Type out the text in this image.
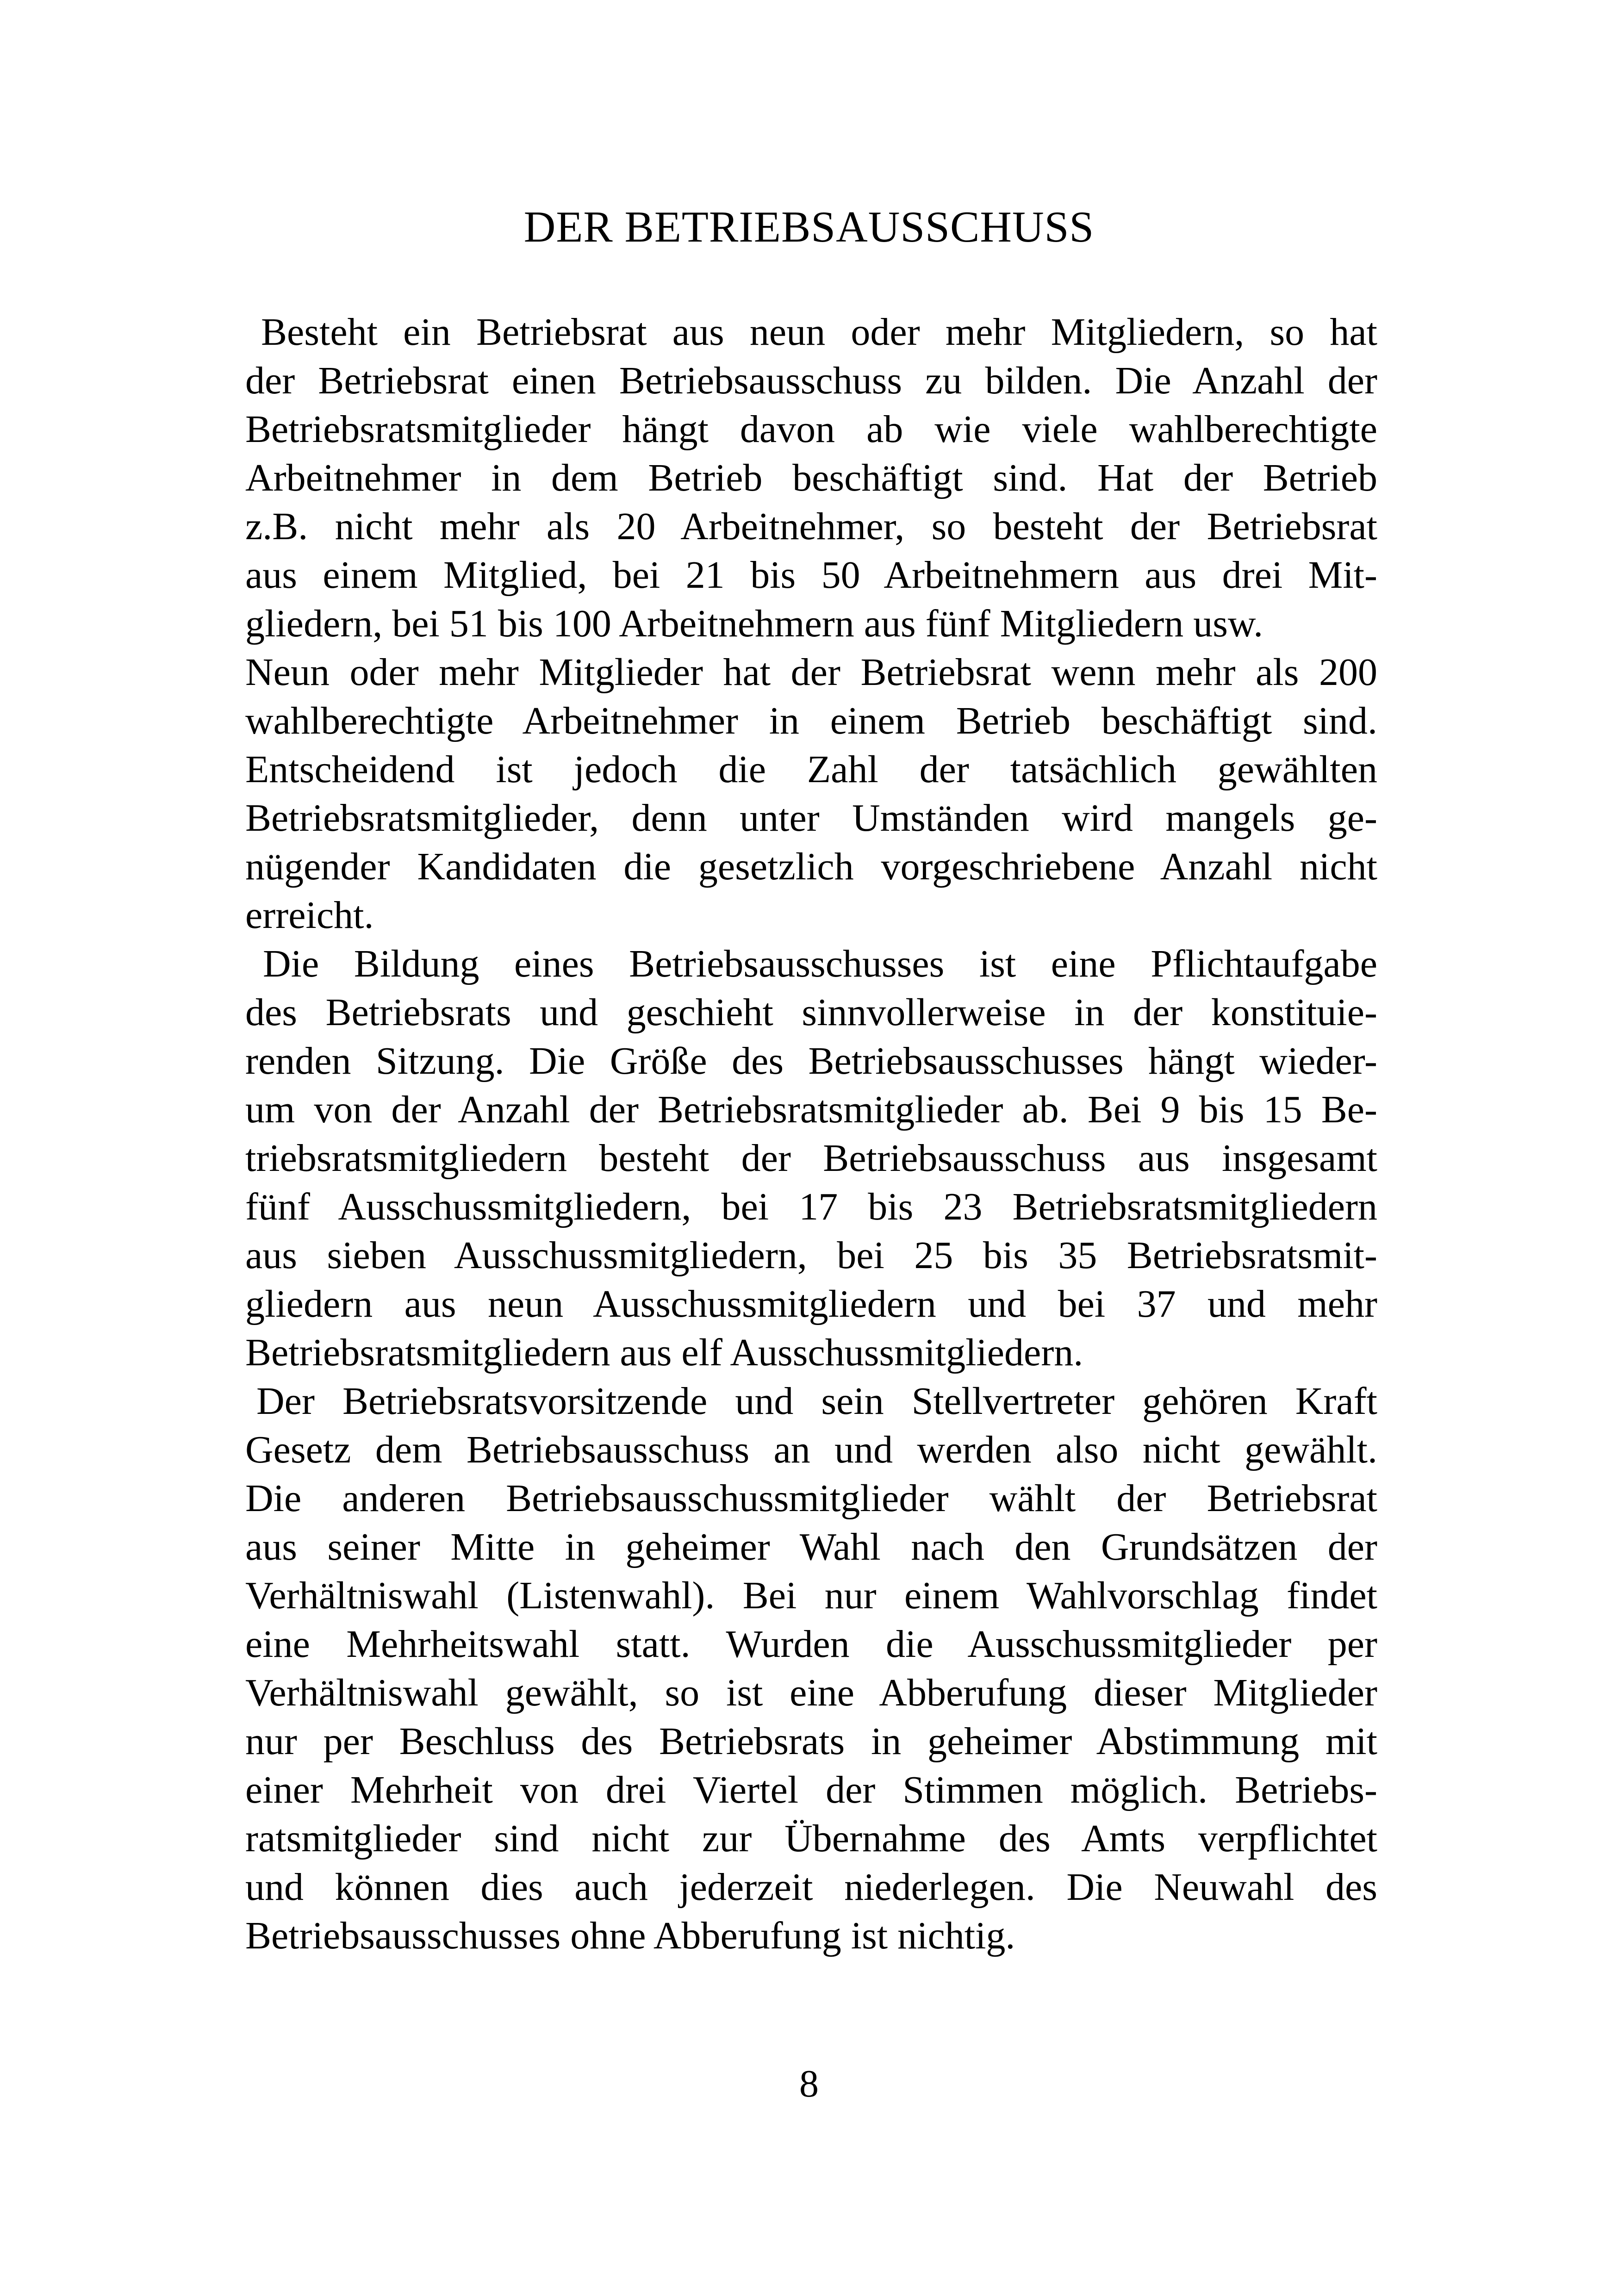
DER BETRIEBSAUSSCHUSS
Besteht ein Betriebsrat aus neun oder mehr Mitgliedern, so hat
der Betriebsrat einen Betriebsausschuss zu bilden. Die Anzahl der
Betriebsratsmitglieder hängt davon ab wie viele wahlberechtigte
Arbeitnehmer in dem Betrieb beschäftigt sind. Hat der Betrieb
z.B. nicht mehr als 20 Arbeitnehmer, so besteht der Betriebsrat
aus einem Mitglied, bei 21 bis 50 Arbeitnehmern aus drei Mit-
gliedern, bei 51 bis 100 Arbeitnehmern aus fünf Mitgliedern usw.
Neun oder mehr Mitglieder hat der Betriebsrat wenn mehr als 200
wahlberechtigte Arbeitnehmer in einem Betrieb beschäftigt sind.
Entscheidend ist jedoch die Zahl der tatsächlich gewählten
Betriebsratsmitglieder, denn unter Umständen wird mangels ge-
nügender Kandidaten die gesetzlich vorgeschriebene Anzahl nicht
erreicht.
Die Bildung eines Betriebsausschusses ist eine Pflichtaufgabe
des Betriebsrats und geschieht sinnvollerweise in der konstituie-
renden Sitzung. Die Größe des Betriebsausschusses hängt wieder-
um von der Anzahl der Betriebsratsmitglieder ab. Bei 9 bis 15 Be-
triebsratsmitgliedern besteht der Betriebsausschuss aus insgesamt
fünf Ausschussmitgliedern, bei 17 bis 23 Betriebsratsmitgliedern
aus sieben Ausschussmitgliedern, bei 25 bis 35 Betriebsratsmit-
gliedern aus neun Ausschussmitgliedern und bei 37 und mehr
Betriebsratsmitgliedern aus elf Ausschussmitgliedern.
Der Betriebsratsvorsitzende und sein Stellvertreter gehören Kraft
Gesetz dem Betriebsausschuss an und werden also nicht gewählt.
Die anderen Betriebsausschussmitglieder wählt der Betriebsrat
aus seiner Mitte in geheimer Wahl nach den Grundsätzen der
Verhältniswahl (Listenwahl). Bei nur einem Wahlvorschlag findet
eine Mehrheitswahl statt. Wurden die Ausschussmitglieder per
Verhältniswahl gewählt, so ist eine Abberufung dieser Mitglieder
nur per Beschluss des Betriebsrats in geheimer Abstimmung mit
einer Mehrheit von drei Viertel der Stimmen möglich. Betriebs-
ratsmitglieder sind nicht zur Übernahme des Amts verpflichtet
und können dies auch jederzeit niederlegen. Die Neuwahl des
Betriebsausschusses ohne Abberufung ist nichtig.
8
